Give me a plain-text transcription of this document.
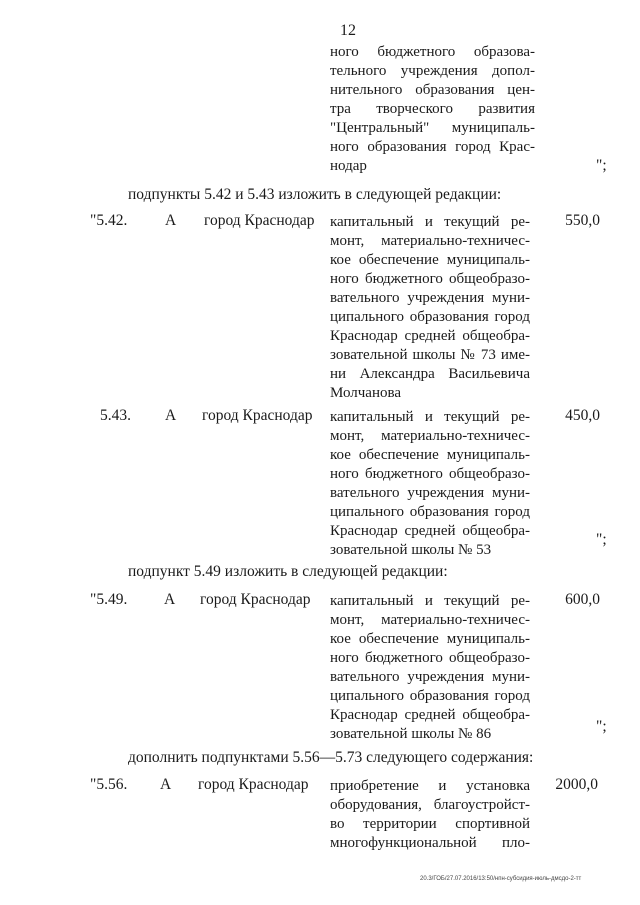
12
ного бюджетного образова-
тельного учреждения допол-
нительного образования цен-
тра творческого развития
"Центральный" муниципаль-
ного образования город Крас-
нодар	";
подпункты 5.42 и 5.43 изложить в следующей редакции:
"5.42. А город Краснодар капитальный и текущий ре-
монт, материально-техничес-
кое обеспечение муниципаль-
ного бюджетного общеобразо-
вательного учреждения муни-
ципального образования город
Краснодар средней общеобра-
зовательной школы № 73 име-
ни Александра Васильевича
Молчанова
550,0
5.43. А город Краснодар капитальный и текущий ре-
монт, материально-техничес-
кое обеспечение муниципаль-
ного бюджетного общеобразо-
вательного учреждения муни-
ципального образования город
Краснодар средней общеобра-
зовательной школы № 53
450,0
";
подпункт 5.49 изложить в следующей редакции:
"5.49. А город Краснодар капитальный и текущий ре-
монт, материально-техничес-
кое обеспечение муниципаль-
ного бюджетного общеобразо-
вательного учреждения муни-
ципального образования город
Краснодар средней общеобра-
зовательной школы № 86
600,0
";
дополнить подпунктами 5.56—5.73 следующего содержания:
"5.56. А город Краснодар приобретение и установка
оборудования, благоустройст-
во территории спортивной
многофункциональной пло-
2000,0
20.3/ГОБ/27.07.2016/13:50/нпн-субсидия-июль-дмсдо-2-тт
